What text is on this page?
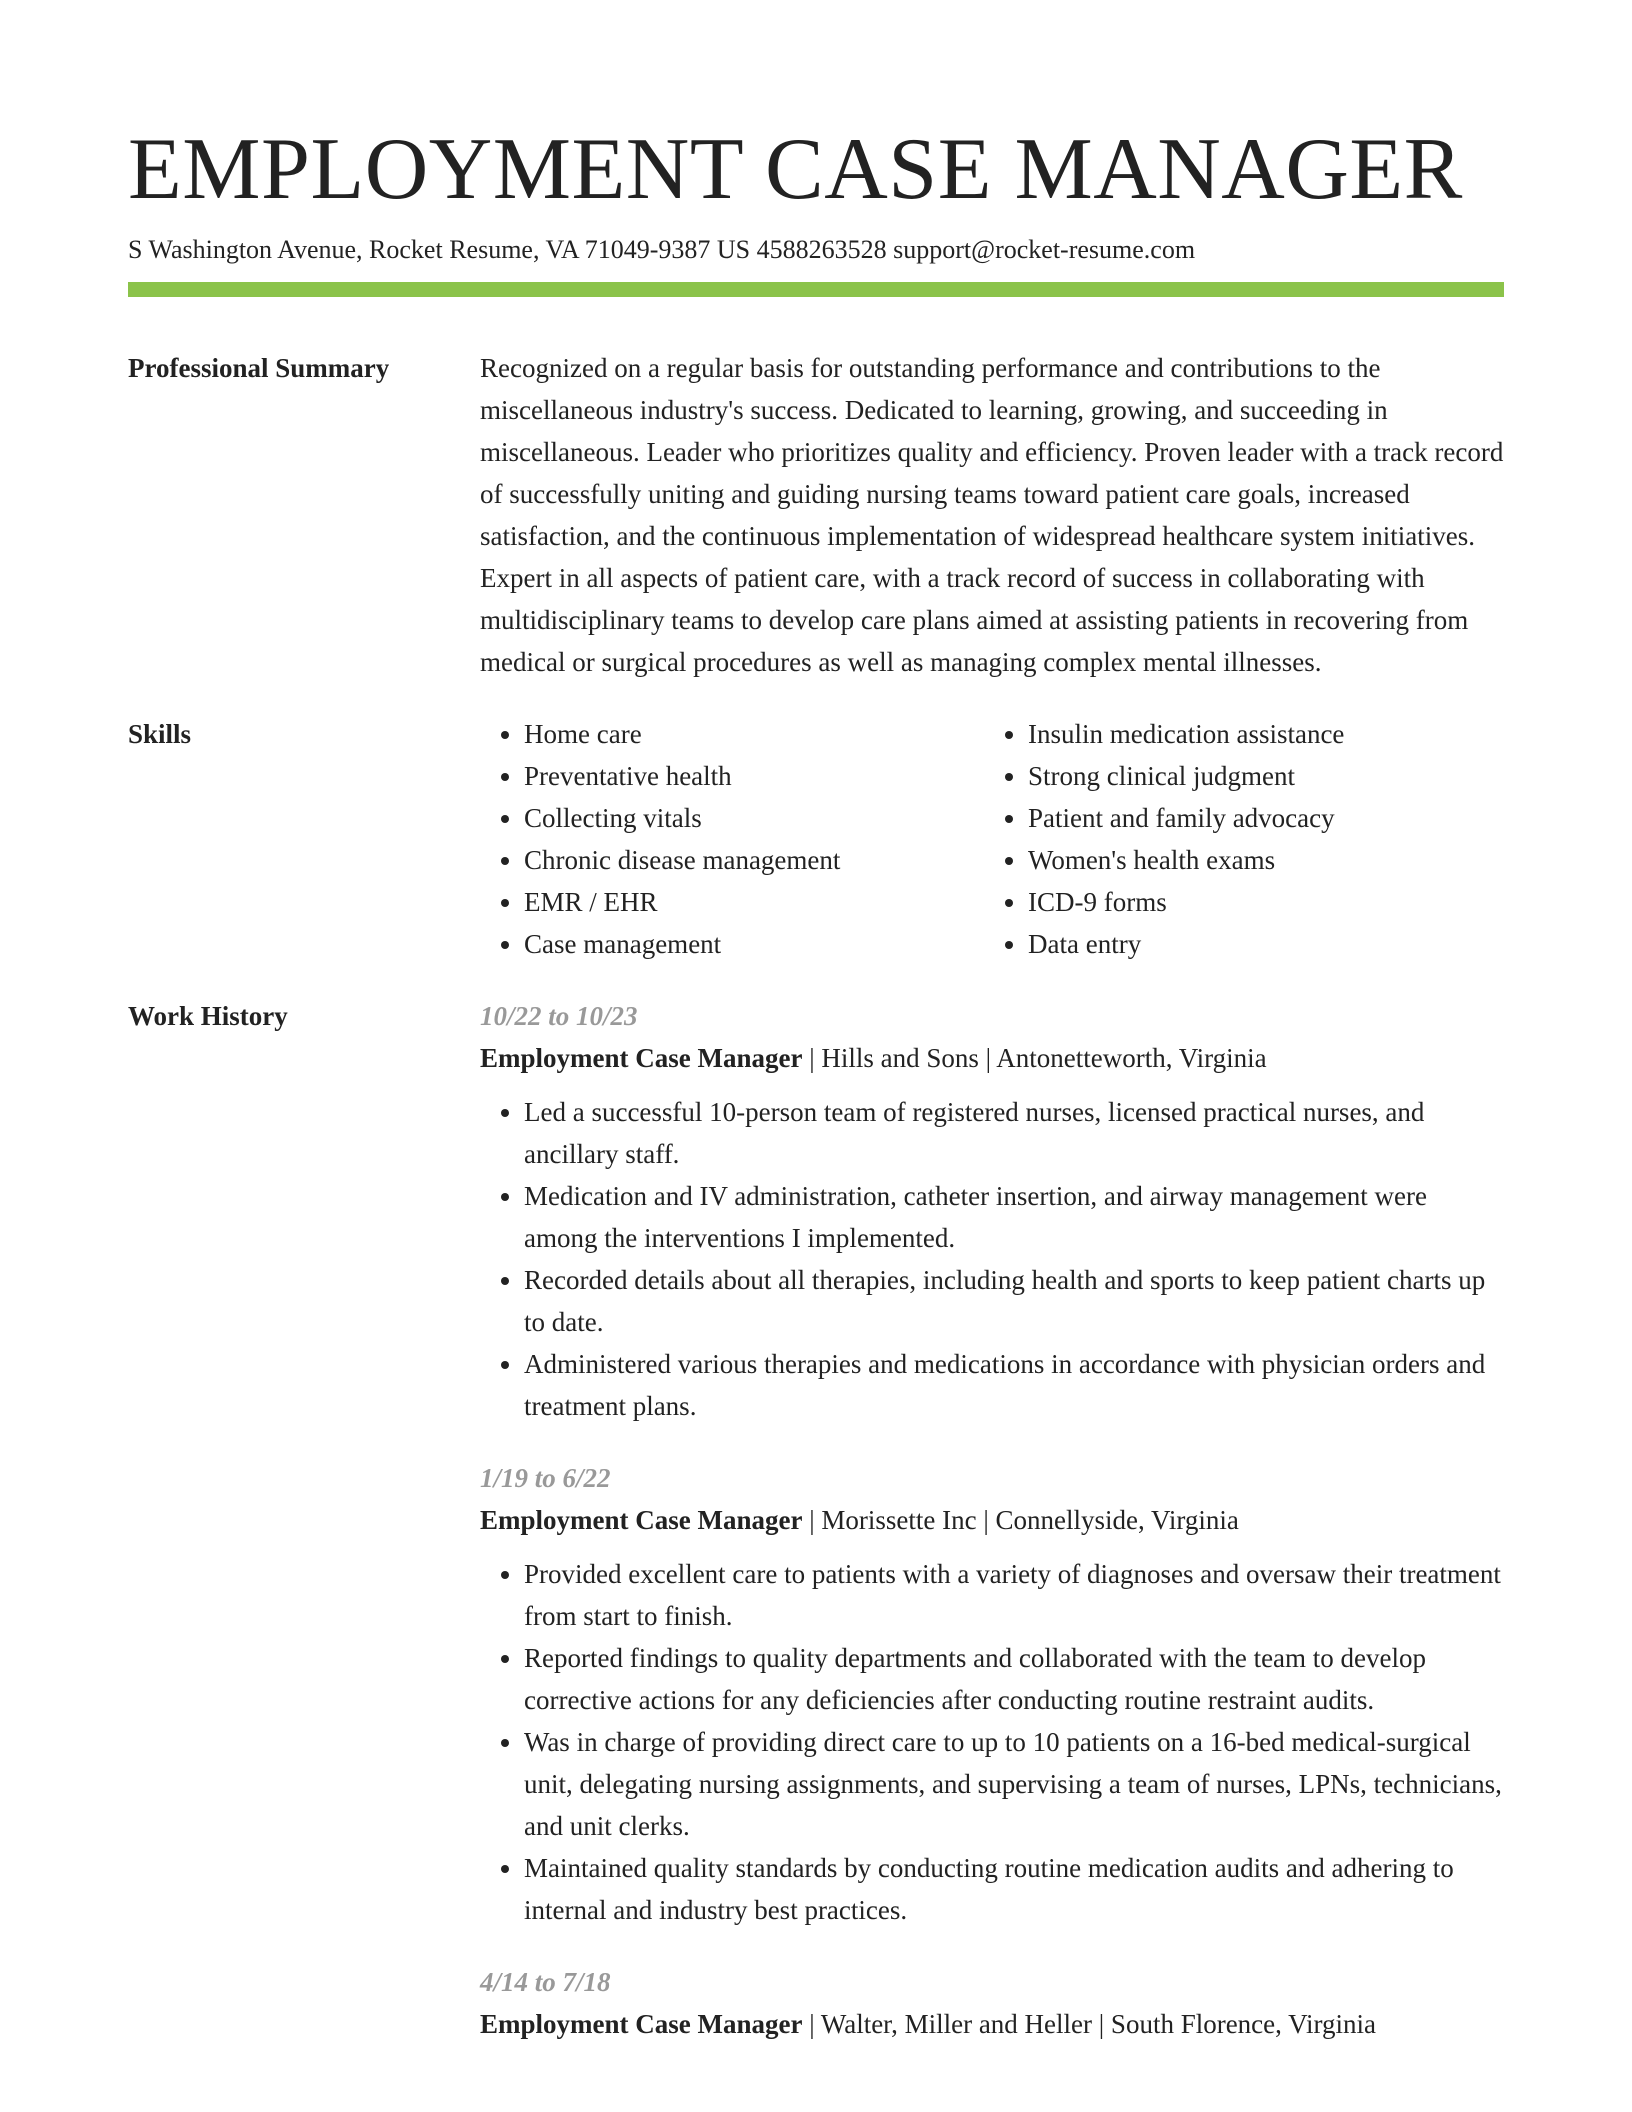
EMPLOYMENT CASE MANAGER
S Washington Avenue, Rocket Resume, VA 71049-9387 US 4588263528 support@rocket-resume.com
Professional Summary	Recognized on a regular basis for outstanding performance and contributions to the miscellaneous industry's success. Dedicated to learning, growing, and succeeding in miscellaneous. Leader who prioritizes quality and efficiency. Proven leader with a track record of successfully uniting and guiding nursing teams toward patient care goals, increased satisfaction, and the continuous implementation of widespread healthcare system initiatives. Expert in all aspects of patient care, with a track record of success in collaborating with multidisciplinary teams to develop care plans aimed at assisting patients in recovering from medical or surgical procedures as well as managing complex mental illnesses.

Skills
•	Home care
• Preventative health
• Collecting vitals
• Chronic disease management
• EMR / EHR
• Case management
• Insulin medication assistance
• Strong clinical judgment
• Patient and family advocacy
• Women's health exams
• ICD-9 forms
• Data entry
Work History	10/22 to 10/23
Employment Case Manager | Hills and Sons | Antonetteworth, Virginia
• Led a successful 10-person team of registered nurses, licensed practical nurses, and ancillary staff.
• Medication and IV administration, catheter insertion, and airway management were among the interventions I implemented.
• Recorded details about all therapies, including health and sports to keep patient charts up to date.
• Administered various therapies and medications in accordance with physician orders and treatment plans.
1/19 to 6/22
Employment Case Manager | Morissette Inc | Connellyside, Virginia
• Provided excellent care to patients with a variety of diagnoses and oversaw their treatment from start to finish.
• Reported findings to quality departments and collaborated with the team to develop corrective actions for any deficiencies after conducting routine restraint audits.
• Was in charge of providing direct care to up to 10 patients on a 16-bed medical-surgical unit, delegating nursing assignments, and supervising a team of nurses, LPNs, technicians, and unit clerks.
• Maintained quality standards by conducting routine medication audits and adhering to internal and industry best practices.
4/14 to 7/18
Employment Case Manager | Walter, Miller and Heller | South Florence, Virginia
